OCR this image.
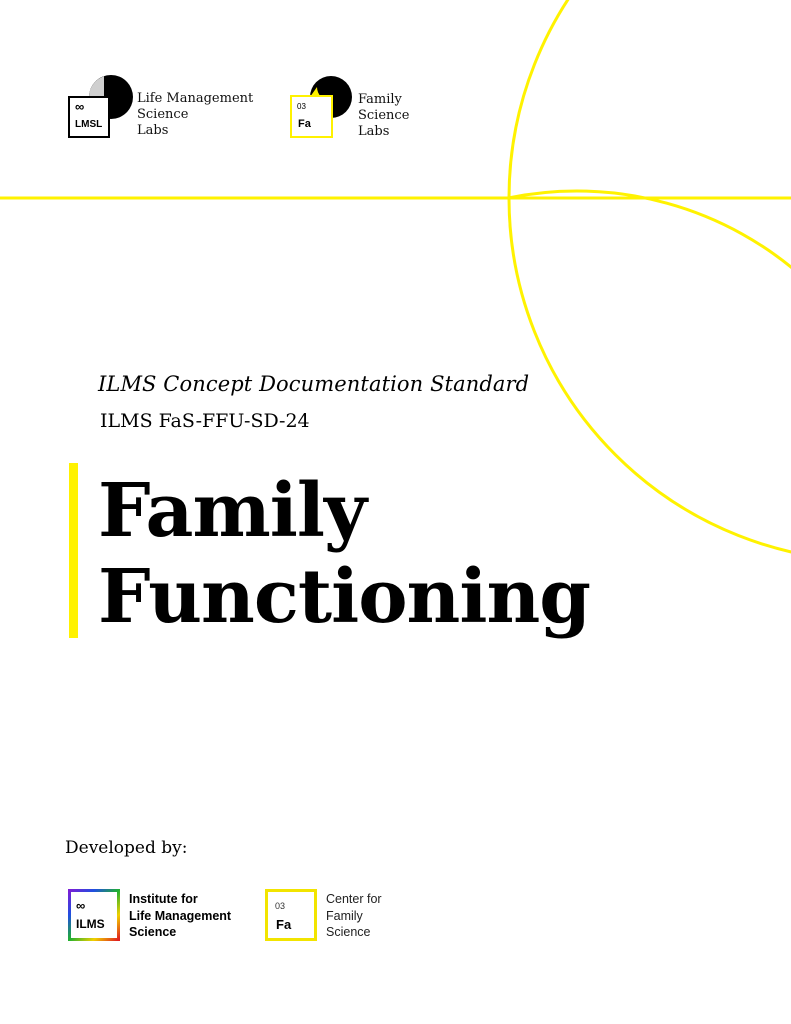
∞
LMSL
Life Management
Science
Labs
03
Fa
Family
Science
Labs
ILMS Concept Documentation Standard
ILMS FaS-FFU-SD-24
Family
Functioning
Developed by:
∞
ILMS
Institute for
Life Management
Science
03
Fa
Center for
Family
Science
